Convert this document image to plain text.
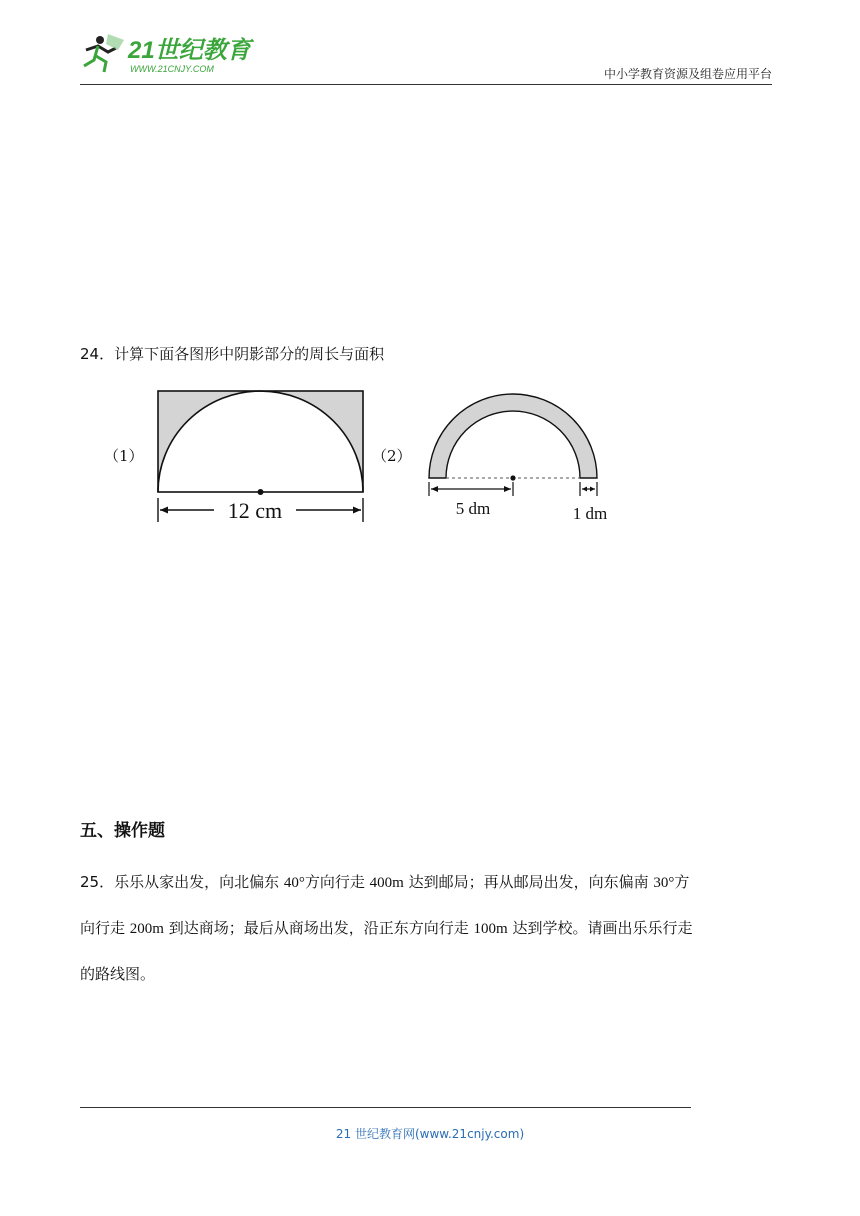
21世纪教育
WWW.21CNJY.COM	中小学教育资源及组卷应用平台
24．计算下面各图形中阴影部分的周长与面积
（1）
12 cm
（2）
5 dm	1 dm
五、操作题
25．乐乐从家出发，向北偏东 40°方向行走 400m 达到邮局；再从邮局出发，向东偏南 30°方
向行走 200m 到达商场；最后从商场出发，沿正东方向行走 100m 达到学校。请画出乐乐行走
的路线图。
21 世纪教育网(www.21cnjy.com)
